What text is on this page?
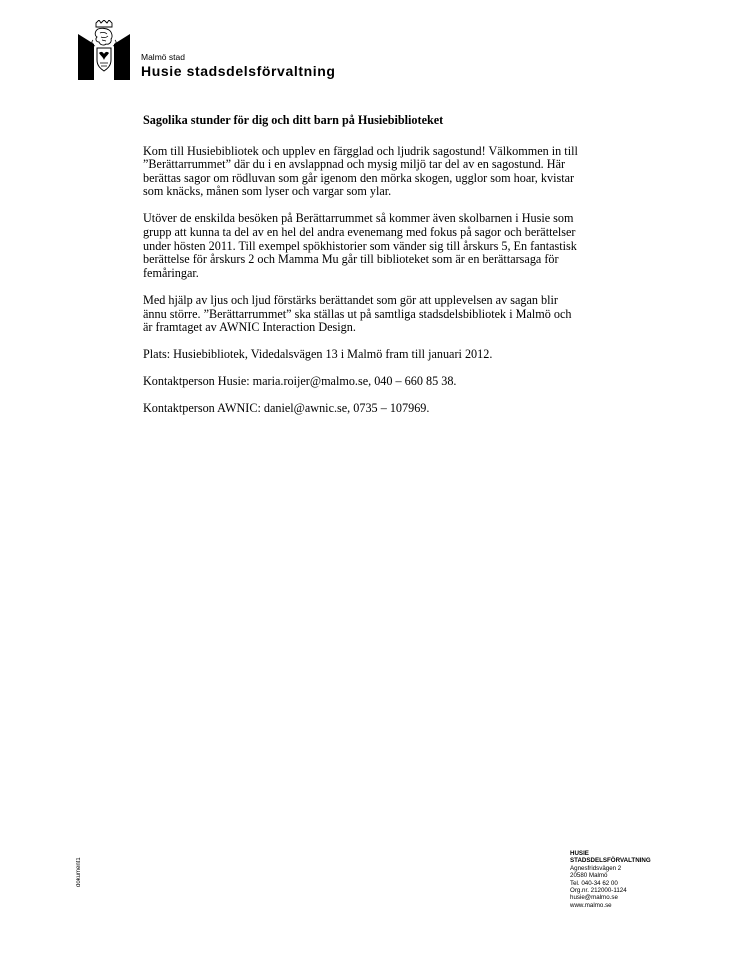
Malmö stad
Husie stadsdelsförvaltning
Sagolika stunder för dig och ditt barn på Husiebiblioteket

Kom till Husiebibliotek och upplev en färgglad och ljudrik sagostund! Välkommen in till ”Berättarrummet” där du i en avslappnad och mysig miljö tar del av en sagostund. Här berättas sagor om rödluvan som går igenom den mörka skogen, ugglor som hoar, kvistar som knäcks, månen som lyser och vargar som ylar.

Utöver de enskilda besöken på Berättarrummet så kommer även skolbarnen i Husie som grupp att kunna ta del av en hel del andra evenemang med fokus på sagor och berättelser under hösten 2011. Till exempel spökhistorier som vänder sig till årskurs 5, En fantastisk berättelse för årskurs 2 och Mamma Mu går till biblioteket som är en berättarsaga för femåringar.

Med hjälp av ljus och ljud förstärks berättandet som gör att upplevelsen av sagan blir ännu större. ”Berättarrummet” ska ställas ut på samtliga stadsdelsbibliotek i Malmö och är framtaget av AWNIC Interaction Design.

Plats: Husiebibliotek, Videdalsvägen 13 i Malmö fram till januari 2012.

Kontaktperson Husie: maria.roijer@malmo.se, 040 – 660 85 38.

Kontaktperson AWNIC: daniel@awnic.se, 0735 – 107969.

dokument1
HUSIE
STADSDELSFÖRVALTNING
Agnesfridsvägen 2
20580 Malmö
Tel. 040-34 62 00
Org.nr. 212000-1124
husie@malmo.se
www.malmo.se
